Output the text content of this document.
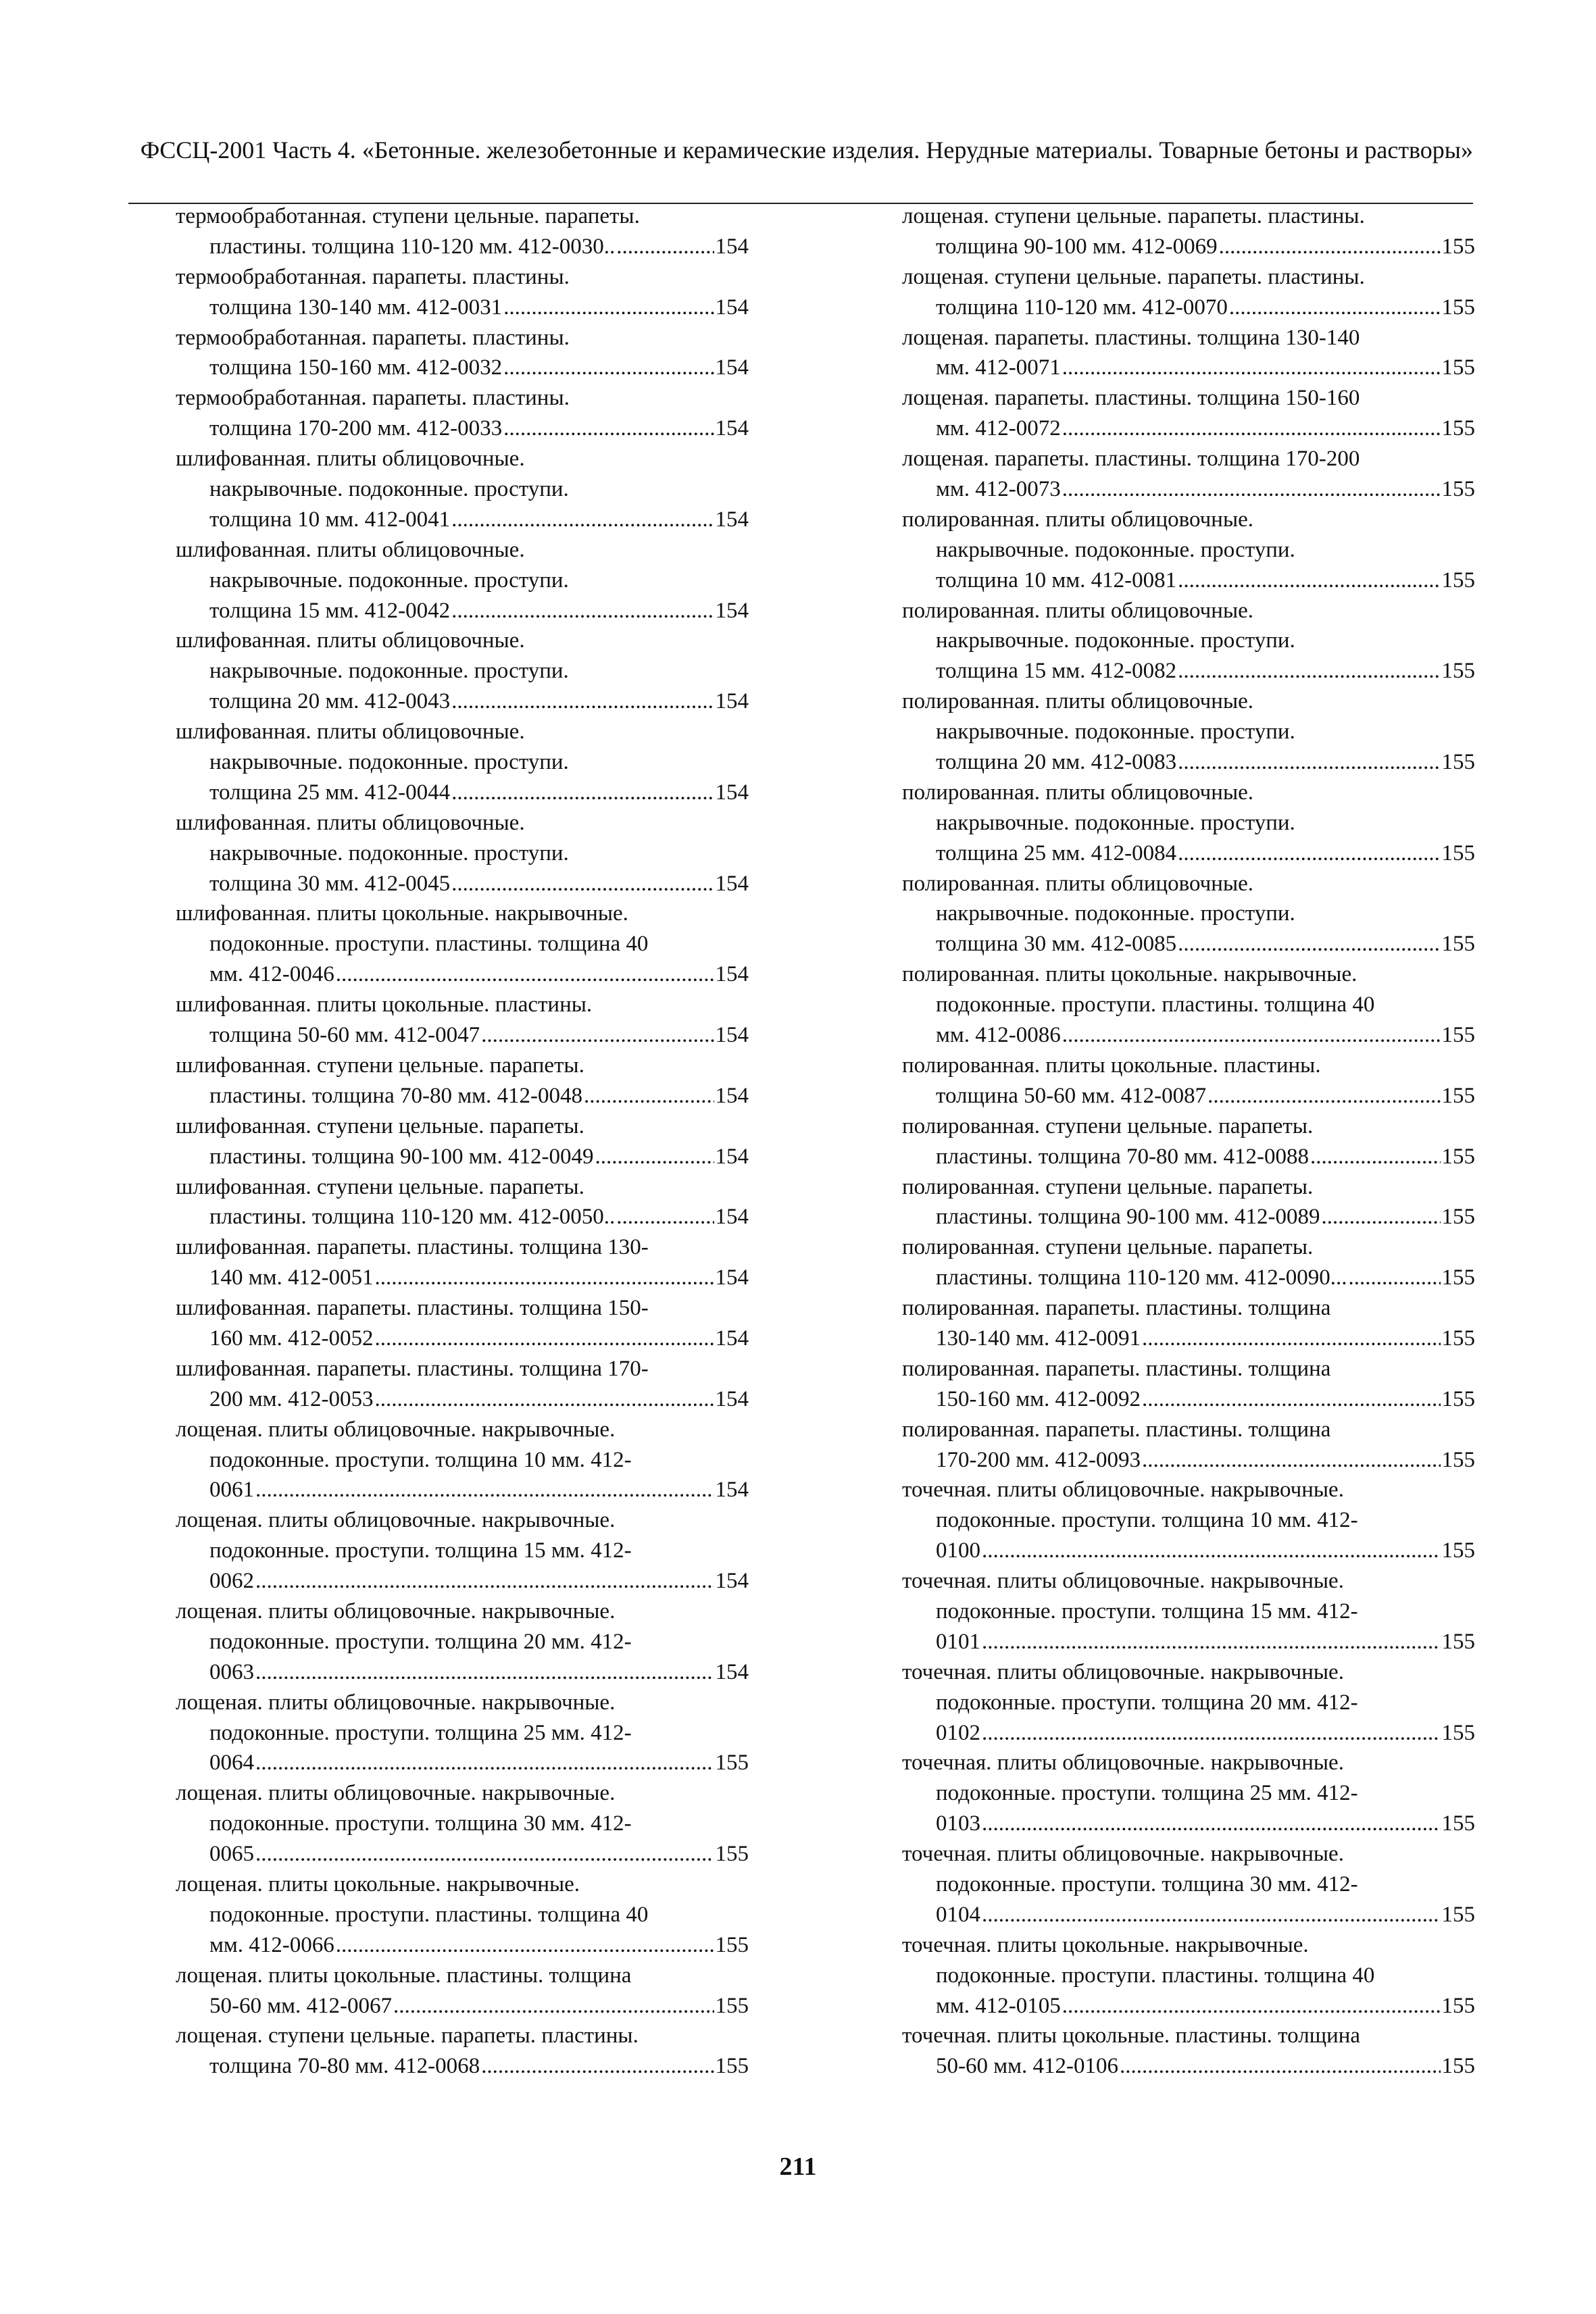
ФССЦ-2001 Часть 4. «Бетонные. железобетонные и керамические изделия. Нерудные материалы. Товарные бетоны и растворы»
термообработанная. ступени цельные. парапеты.
пластины. толщина 110-120 мм. 412-0030.. .....	154
термообработанная. парапеты. пластины.
толщина 130-140 мм. 412-0031 .....	154
термообработанная. парапеты. пластины.
толщина 150-160 мм. 412-0032 .....	154
термообработанная. парапеты. пластины.
толщина 170-200 мм. 412-0033 .....	154
шлифованная. плиты облицовочные.
накрывочные. подоконные. проступи.
толщина 10 мм. 412-0041 .....	154
шлифованная. плиты облицовочные.
накрывочные. подоконные. проступи.
толщина 15 мм. 412-0042 .....	154
шлифованная. плиты облицовочные.
накрывочные. подоконные. проступи.
толщина 20 мм. 412-0043 .....	154
шлифованная. плиты облицовочные.
накрывочные. подоконные. проступи.
толщина 25 мм. 412-0044 .....	154
шлифованная. плиты облицовочные.
накрывочные. подоконные. проступи.
толщина 30 мм. 412-0045 .....	154
шлифованная. плиты цокольные. накрывочные.
подоконные. проступи. пластины. толщина 40
мм. 412-0046 .....	154
шлифованная. плиты цокольные. пластины.
толщина 50-60 мм. 412-0047 .....	154
шлифованная. ступени цельные. парапеты.
пластины. толщина 70-80 мм. 412-0048 .....	154
шлифованная. ступени цельные. парапеты.
пластины. толщина 90-100 мм. 412-0049 .....	154
шлифованная. ступени цельные. парапеты.
пластины. толщина 110-120 мм. 412-0050.. .....	154
шлифованная. парапеты. пластины. толщина 130-
140 мм. 412-0051 .....	154
шлифованная. парапеты. пластины. толщина 150-
160 мм. 412-0052 .....	154
шлифованная. парапеты. пластины. толщина 170-
200 мм. 412-0053 .....	154
лощеная. плиты облицовочные. накрывочные.
подоконные. проступи. толщина 10 мм. 412-
0061 .....	154
лощеная. плиты облицовочные. накрывочные.
подоконные. проступи. толщина 15 мм. 412-
0062 .....	154
лощеная. плиты облицовочные. накрывочные.
подоконные. проступи. толщина 20 мм. 412-
0063 .....	154
лощеная. плиты облицовочные. накрывочные.
подоконные. проступи. толщина 25 мм. 412-
0064 .....	155
лощеная. плиты облицовочные. накрывочные.
подоконные. проступи. толщина 30 мм. 412-
0065 .....	155
лощеная. плиты цокольные. накрывочные.
подоконные. проступи. пластины. толщина 40
мм. 412-0066 .....	155
лощеная. плиты цокольные. пластины. толщина
50-60 мм. 412-0067 .....	155
лощеная. ступени цельные. парапеты. пластины.
толщина 70-80 мм. 412-0068 .....	155
лощеная. ступени цельные. парапеты. пластины.
толщина 90-100 мм. 412-0069 .....	155
лощеная. ступени цельные. парапеты. пластины.
толщина 110-120 мм. 412-0070 .....	155
лощеная. парапеты. пластины. толщина 130-140
мм. 412-0071 .....	155
лощеная. парапеты. пластины. толщина 150-160
мм. 412-0072 .....	155
лощеная. парапеты. пластины. толщина 170-200
мм. 412-0073 .....	155
полированная. плиты облицовочные.
накрывочные. подоконные. проступи.
толщина 10 мм. 412-0081 .....	155
полированная. плиты облицовочные.
накрывочные. подоконные. проступи.
толщина 15 мм. 412-0082 .....	155
полированная. плиты облицовочные.
накрывочные. подоконные. проступи.
толщина 20 мм. 412-0083 .....	155
полированная. плиты облицовочные.
накрывочные. подоконные. проступи.
толщина 25 мм. 412-0084 .....	155
полированная. плиты облицовочные.
накрывочные. подоконные. проступи.
толщина 30 мм. 412-0085 .....	155
полированная. плиты цокольные. накрывочные.
подоконные. проступи. пластины. толщина 40
мм. 412-0086 .....	155
полированная. плиты цокольные. пластины.
толщина 50-60 мм. 412-0087 .....	155
полированная. ступени цельные. парапеты.
пластины. толщина 70-80 мм. 412-0088 .....	155
полированная. ступени цельные. парапеты.
пластины. толщина 90-100 мм. 412-0089 .....	155
полированная. ступени цельные. парапеты.
пластины. толщина 110-120 мм. 412-0090... .....	155
полированная. парапеты. пластины. толщина
130-140 мм. 412-0091 .....	155
полированная. парапеты. пластины. толщина
150-160 мм. 412-0092 .....	155
полированная. парапеты. пластины. толщина
170-200 мм. 412-0093 .....	155
точечная. плиты облицовочные. накрывочные.
подоконные. проступи. толщина 10 мм. 412-
0100 .....	155
точечная. плиты облицовочные. накрывочные.
подоконные. проступи. толщина 15 мм. 412-
0101 .....	155
точечная. плиты облицовочные. накрывочные.
подоконные. проступи. толщина 20 мм. 412-
0102 .....	155
точечная. плиты облицовочные. накрывочные.
подоконные. проступи. толщина 25 мм. 412-
0103 .....	155
точечная. плиты облицовочные. накрывочные.
подоконные. проступи. толщина 30 мм. 412-
0104 .....	155
точечная. плиты цокольные. накрывочные.
подоконные. проступи. пластины. толщина 40
мм. 412-0105 .....	155
точечная. плиты цокольные. пластины. толщина
50-60 мм. 412-0106 .....	155
211
